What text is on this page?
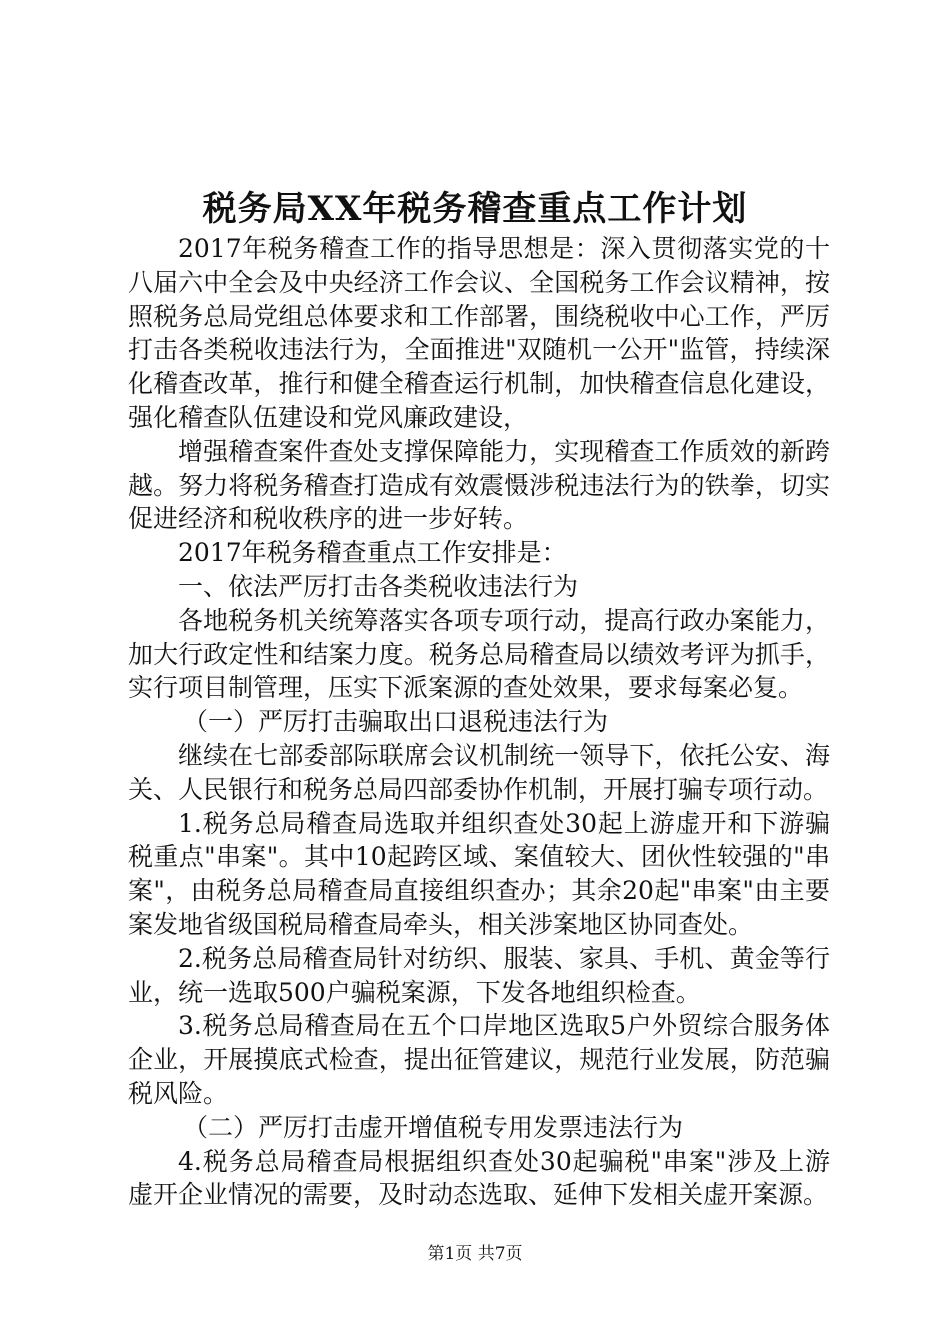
税务局XX年税务稽查重点工作计划

2017年税务稽查工作的指导思想是：深入贯彻落实党的十八届六中全会及中央经济工作会议、全国税务工作会议精神，按照税务总局党组总体要求和工作部署，围绕税收中心工作，严厉打击各类税收违法行为，全面推进"双随机一公开"监管，持续深化稽查改革，推行和健全稽查运行机制，加快稽查信息化建设，强化稽查队伍建设和党风廉政建设，

增强稽查案件查处支撑保障能力，实现稽查工作质效的新跨越。努力将税务稽查打造成有效震慑涉税违法行为的铁拳，切实促进经济和税收秩序的进一步好转。

2017年税务稽查重点工作安排是：

一、依法严厉打击各类税收违法行为

各地税务机关统筹落实各项专项行动，提高行政办案能力，加大行政定性和结案力度。税务总局稽查局以绩效考评为抓手，实行项目制管理，压实下派案源的查处效果，要求每案必复。

（一）严厉打击骗取出口退税违法行为

继续在七部委部际联席会议机制统一领导下，依托公安、海关、人民银行和税务总局四部委协作机制，开展打骗专项行动。

1.税务总局稽查局选取并组织查处30起上游虚开和下游骗税重点"串案"。其中10起跨区域、案值较大、团伙性较强的"串案"，由税务总局稽查局直接组织查办；其余20起"串案"由主要案发地省级国税局稽查局牵头，相关涉案地区协同查处。

2.税务总局稽查局针对纺织、服装、家具、手机、黄金等行业，统一选取500户骗税案源，下发各地组织检查。

3.税务总局稽查局在五个口岸地区选取5户外贸综合服务体企业，开展摸底式检查，提出征管建议，规范行业发展，防范骗税风险。

（二）严厉打击虚开增值税专用发票违法行为

4.税务总局稽查局根据组织查处30起骗税"串案"涉及上游虚开企业情况的需要，及时动态选取、延伸下发相关虚开案源。

第1页 共7页
